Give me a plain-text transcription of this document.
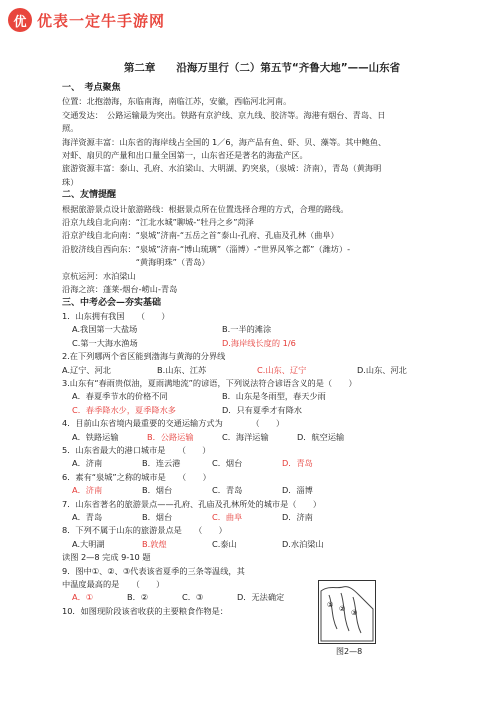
优 优表一定牛手游网
第二章　　沿海万里行（二）第五节“齐鲁大地”——山东省
一、　考点聚焦
位置：北抱渤海，东临南海，南临江苏，安徽，西临河北河南。
交通发达：　公路运输最为突出。铁路有京沪线、京九线、胶济等。海港有烟台、青岛、日
照。
海洋资源丰富：山东省的海岸线占全国的 1／6，海产品有鱼、虾、贝、藻等。其中鲍鱼、
对虾、扇贝的产量和出口量全国第一，山东省还是著名的海盐产区。
旅游资源丰富：泰山、孔府、水泊梁山、大明湖、趵突泉，（泉城：济南），青岛（黄海明
珠）
二、友情提醒
根据旅游景点设计旅游路线：根据景点所在位置选择合理的方式，合理的路线。
沿京九线自北向南：“江北水城”聊城-“牡丹之乡”菏泽
沿京沪线自北向南：“泉城”济南-“五岳之首”泰山-孔府、孔庙及孔林（曲阜）
沿胶济线自西向东：“泉城”济南-“博山琉璃”（淄博）-“世界风筝之都”（潍坊）-
　　　　　　　　　“黄海明珠”（青岛）
京杭运河：水泊梁山
沿海之滨：蓬莱-烟台-崂山-青岛
三、中考必会—夯实基础
1．山东拥有我国　　（　　）
A.我国第一大盐场	B.一半的滩涂
C.第一大海水渔场	D.海岸线长度的 1/6
2.在下列哪两个省区能到渤海与黄海的分界线
A.辽宁、河北	B.山东、江苏	C.山东、辽宁	D.山东、河北
3.山东有“春雨贵似油，夏雨满地流”的谚语，下列说法符合谚语含义的是（　　）
A．春夏季节水的价格不同	B．山东是冬雨型，春天少雨
C．春季降水少，夏季降水多	D．只有夏季才有降水
4．目前山东省境内最重要的交通运输方式为　　　　（　　）
A．铁路运输	B．公路运输	C．海洋运输	D．航空运输
5．山东省最大的港口城市是　　（　　）
A．济南	B．连云港	C．烟台	D．青岛
6．素有“泉城”之称的城市是　　（　　）
A．济南	B．烟台	C．青岛	D．淄博
7．山东省著名的旅游景点——孔府、孔庙及孔林所处的城市是（　　）
A．青岛	B．烟台	C．曲阜	D．济南
8．下列不属于山东的旅游景点是　　（　　）
A.大明湖	B.敦煌	C.泰山	D.水泊梁山
读图 2—8 完成 9-10 题
9．图中①、②、③代表该省夏季的三条等温线，其
中温度最高的是　　（　　）
A．①	B．②	C．③	D．无法确定
10．如图现阶段该省收获的主要粮食作物是：
① ② ③
图2—8
